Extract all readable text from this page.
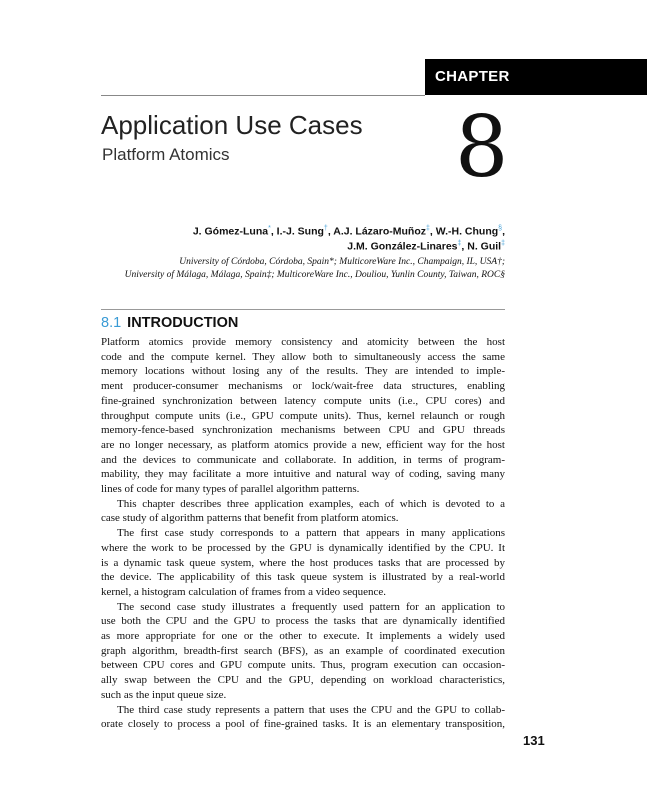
CHAPTER
Application Use Cases
Platform Atomics	8
J. Gómez-Luna*, I.-J. Sung†, A.J. Lázaro-Muñoz‡, W.-H. Chung§,
J.M. González-Linares‡, N. Guil‡
University of Córdoba, Córdoba, Spain*; MulticoreWare Inc., Champaign, IL, USA†;
University of Málaga, Málaga, Spain‡; MulticoreWare Inc., Douliou, Yunlin County, Taiwan, ROC§
8.1 INTRODUCTION

Platform atomics provide memory consistency and atomicity between the host
code and the compute kernel. They allow both to simultaneously access the same
memory locations without losing any of the results. They are intended to imple-
ment producer-consumer mechanisms or lock/wait-free data structures, enabling
fine-grained synchronization between latency compute units (i.e., CPU cores) and
throughput compute units (i.e., GPU compute units). Thus, kernel relaunch or rough
memory-fence-based synchronization mechanisms between CPU and GPU threads
are no longer necessary, as platform atomics provide a new, efficient way for the host
and the devices to communicate and collaborate. In addition, in terms of program-
mability, they may facilitate a more intuitive and natural way of coding, saving many
lines of code for many types of parallel algorithm patterns.

This chapter describes three application examples, each of which is devoted to a
case study of algorithm patterns that benefit from platform atomics.

The first case study corresponds to a pattern that appears in many applications
where the work to be processed by the GPU is dynamically identified by the CPU. It
is a dynamic task queue system, where the host produces tasks that are processed by
the device. The applicability of this task queue system is illustrated by a real-world
kernel, a histogram calculation of frames from a video sequence.

The second case study illustrates a frequently used pattern for an application to
use both the CPU and the GPU to process the tasks that are dynamically identified
as more appropriate for one or the other to execute. It implements a widely used
graph algorithm, breadth-first search (BFS), as an example of coordinated execution
between CPU cores and GPU compute units. Thus, program execution can occasion-
ally swap between the CPU and the GPU, depending on workload characteristics,
such as the input queue size.

The third case study represents a pattern that uses the CPU and the GPU to collab-
orate closely to process a pool of fine-grained tasks. It is an elementary transposition,

131
